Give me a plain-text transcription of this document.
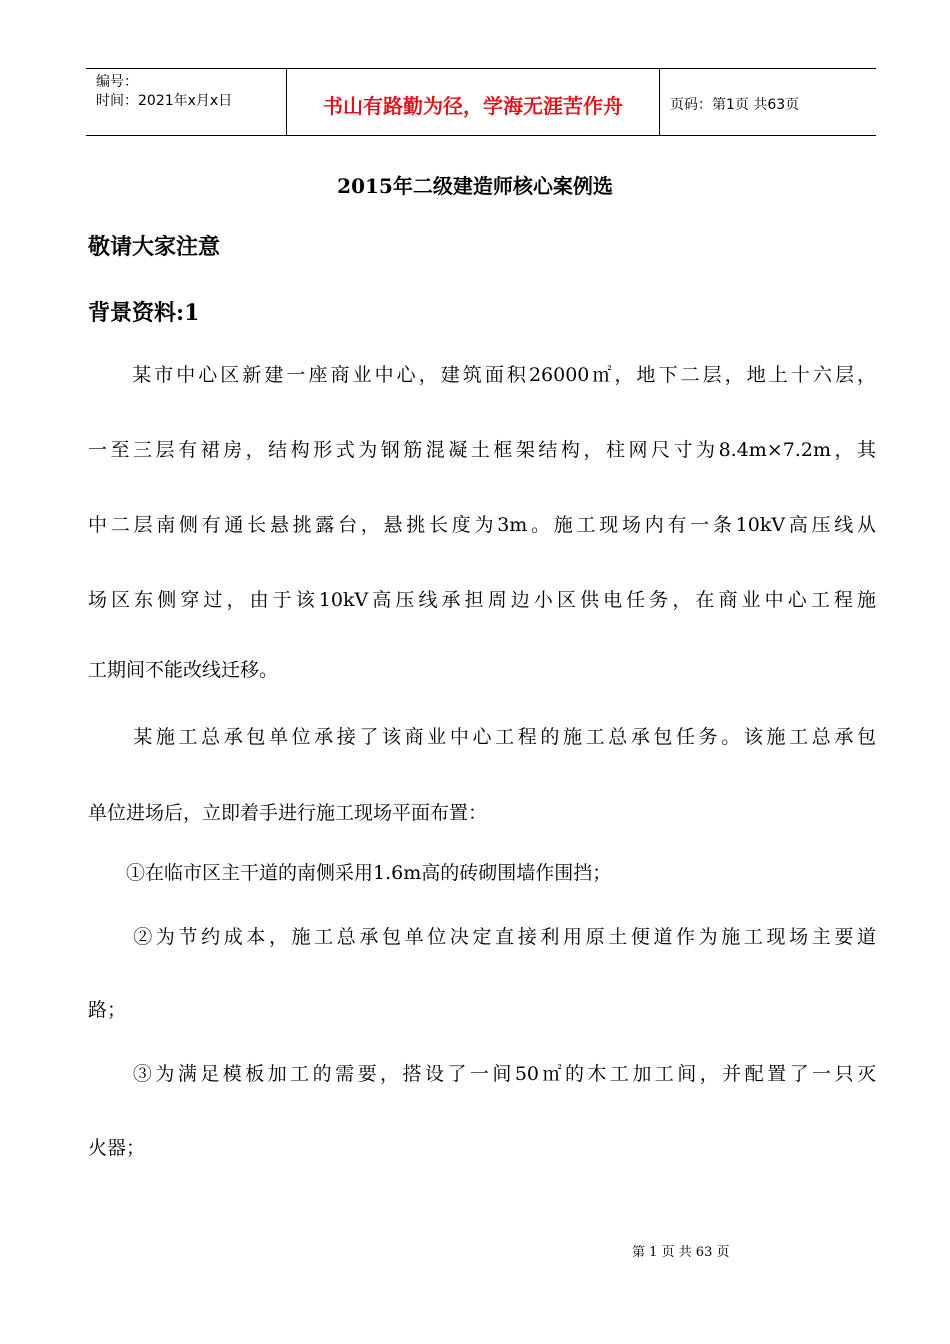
编号：
时间：2021年x月x日	书山有路勤为径，学海无涯苦作舟	页码：第1页 共63页
2015年二级建造师核心案例选
敬请大家注意
背景资料:1
　　某市中心区新建一座商业中心，建筑面积26000㎡，地下二层，地上十六层，
一至三层有裙房，结构形式为钢筋混凝土框架结构，柱网尺寸为8.4m×7.2m，其
中二层南侧有通长悬挑露台，悬挑长度为3m。施工现场内有一条10kV高压线从
场区东侧穿过，由于该10kV高压线承担周边小区供电任务，在商业中心工程施
工期间不能改线迁移。
　　某施工总承包单位承接了该商业中心工程的施工总承包任务。该施工总承包
单位进场后，立即着手进行施工现场平面布置：
　　①在临市区主干道的南侧采用1.6m高的砖砌围墙作围挡；
　　②为节约成本，施工总承包单位决定直接利用原土便道作为施工现场主要道
路；
　　③为满足模板加工的需要，搭设了一间50㎡的木工加工间，并配置了一只灭
火器；
第 1 页 共 63 页
